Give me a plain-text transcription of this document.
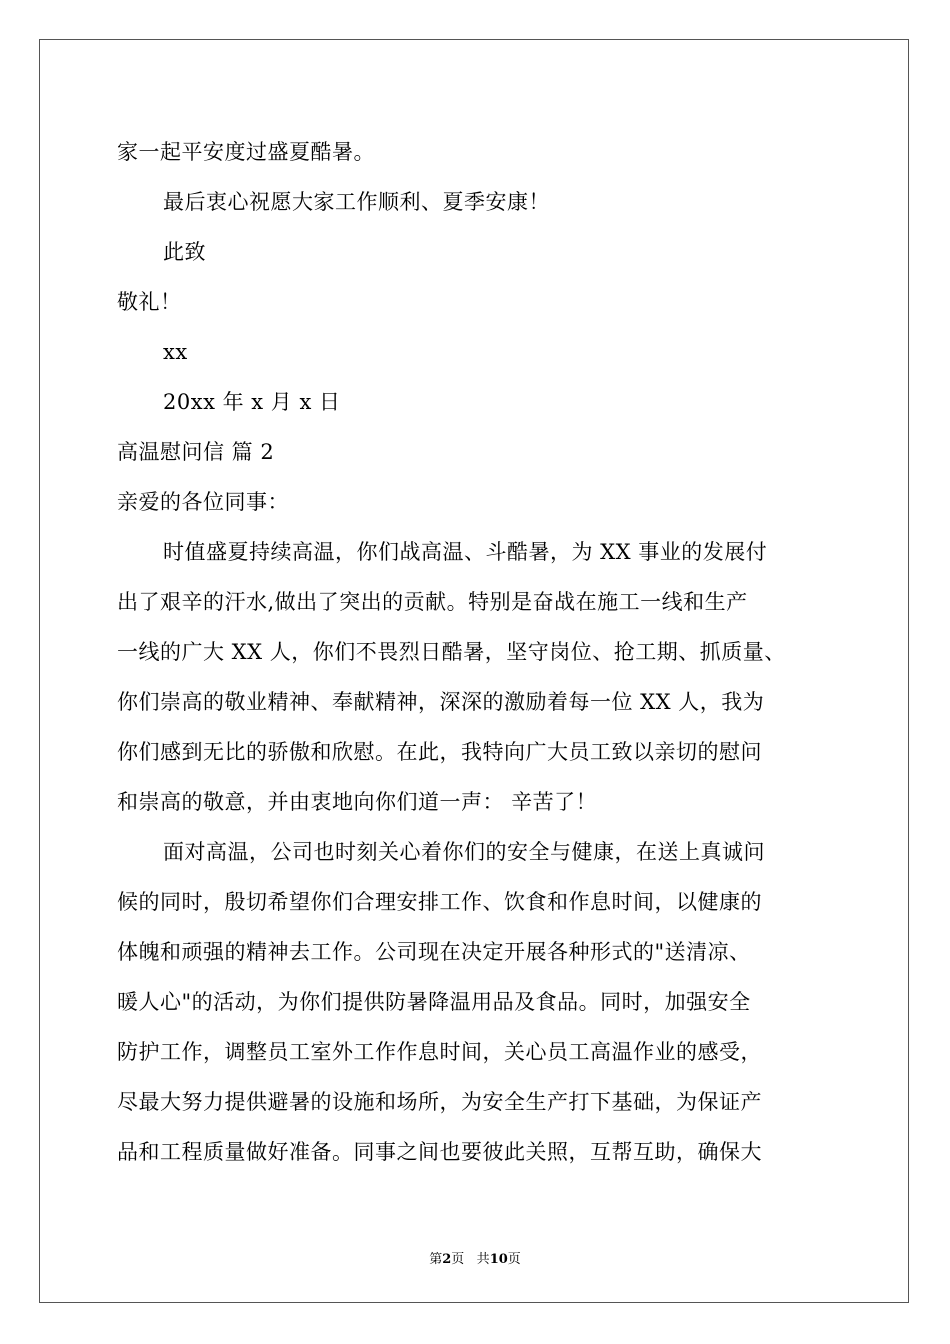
家一起平安度过盛夏酷暑。
最后衷心祝愿大家工作顺利、夏季安康！
此致
敬礼！
xx
20xx 年 x 月 x 日
高温慰问信 篇 2
亲爱的各位同事：
时值盛夏持续高温，你们战高温、斗酷暑，为 XX 事业的发展付
出了艰辛的汗水,做出了突出的贡献。特别是奋战在施工一线和生产
一线的广大 XX 人，你们不畏烈日酷暑，坚守岗位、抢工期、抓质量、
你们崇高的敬业精神、奉献精神，深深的激励着每一位 XX 人，我为
你们感到无比的骄傲和欣慰。在此，我特向广大员工致以亲切的慰问
和崇高的敬意，并由衷地向你们道一声： 辛苦了！
面对高温，公司也时刻关心着你们的安全与健康，在送上真诚问
候的同时，殷切希望你们合理安排工作、饮食和作息时间，以健康的
体魄和顽强的精神去工作。公司现在决定开展各种形式的"送清凉、
暖人心"的活动，为你们提供防暑降温用品及食品。同时，加强安全
防护工作，调整员工室外工作作息时间，关心员工高温作业的感受，
尽最大努力提供避暑的设施和场所，为安全生产打下基础，为保证产
品和工程质量做好准备。同事之间也要彼此关照，互帮互助，确保大
第2页 共10页
